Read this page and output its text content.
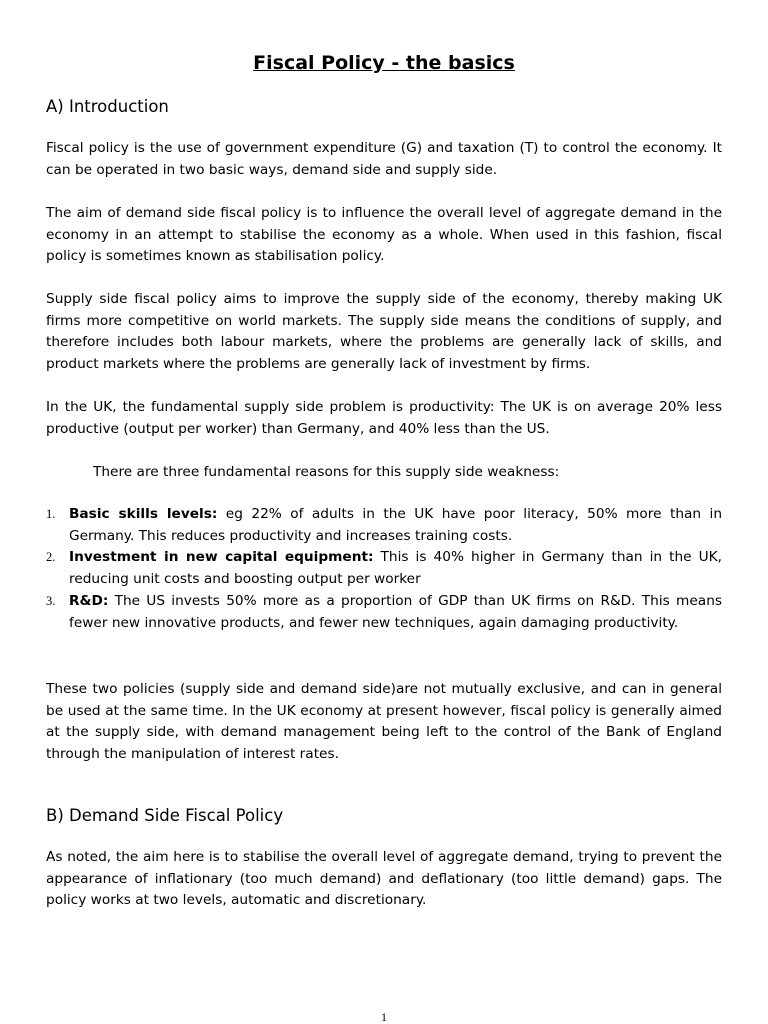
Fiscal Policy - the basics
A) Introduction

Fiscal policy is the use of government expenditure (G) and taxation (T) to control the economy. It can be operated in two basic ways, demand side and supply side.

The aim of demand side fiscal policy is to influence the overall level of aggregate demand in the economy in an attempt to stabilise the economy as a whole. When used in this fashion, fiscal policy is sometimes known as stabilisation policy.

Supply side fiscal policy aims to improve the supply side of the economy, thereby making UK firms more competitive on world markets. The supply side means the conditions of supply, and therefore includes both labour markets, where the problems are generally lack of skills, and product markets where the problems are generally lack of investment by firms.

In the UK, the fundamental supply side problem is productivity: The UK is on average 20% less productive (output per worker) than Germany, and 40% less than the US.

There are three fundamental reasons for this supply side weakness:

1. Basic skills levels: eg 22% of adults in the UK have poor literacy, 50% more than in Germany. This reduces productivity and increases training costs.
2. Investment in new capital equipment: This is 40% higher in Germany than in the UK, reducing unit costs and boosting output per worker
3. R&D: The US invests 50% more as a proportion of GDP than UK firms on R&D. This means fewer new innovative products, and fewer new techniques, again damaging productivity.

These two policies (supply side and demand side)are not mutually exclusive, and can in general be used at the same time. In the UK economy at present however, fiscal policy is generally aimed at the supply side, with demand management being left to the control of the Bank of England through the manipulation of interest rates.

B) Demand Side Fiscal Policy

As noted, the aim here is to stabilise the overall level of aggregate demand, trying to prevent the appearance of inflationary (too much demand) and deflationary (too little demand) gaps. The policy works at two levels, automatic and discretionary.

1
